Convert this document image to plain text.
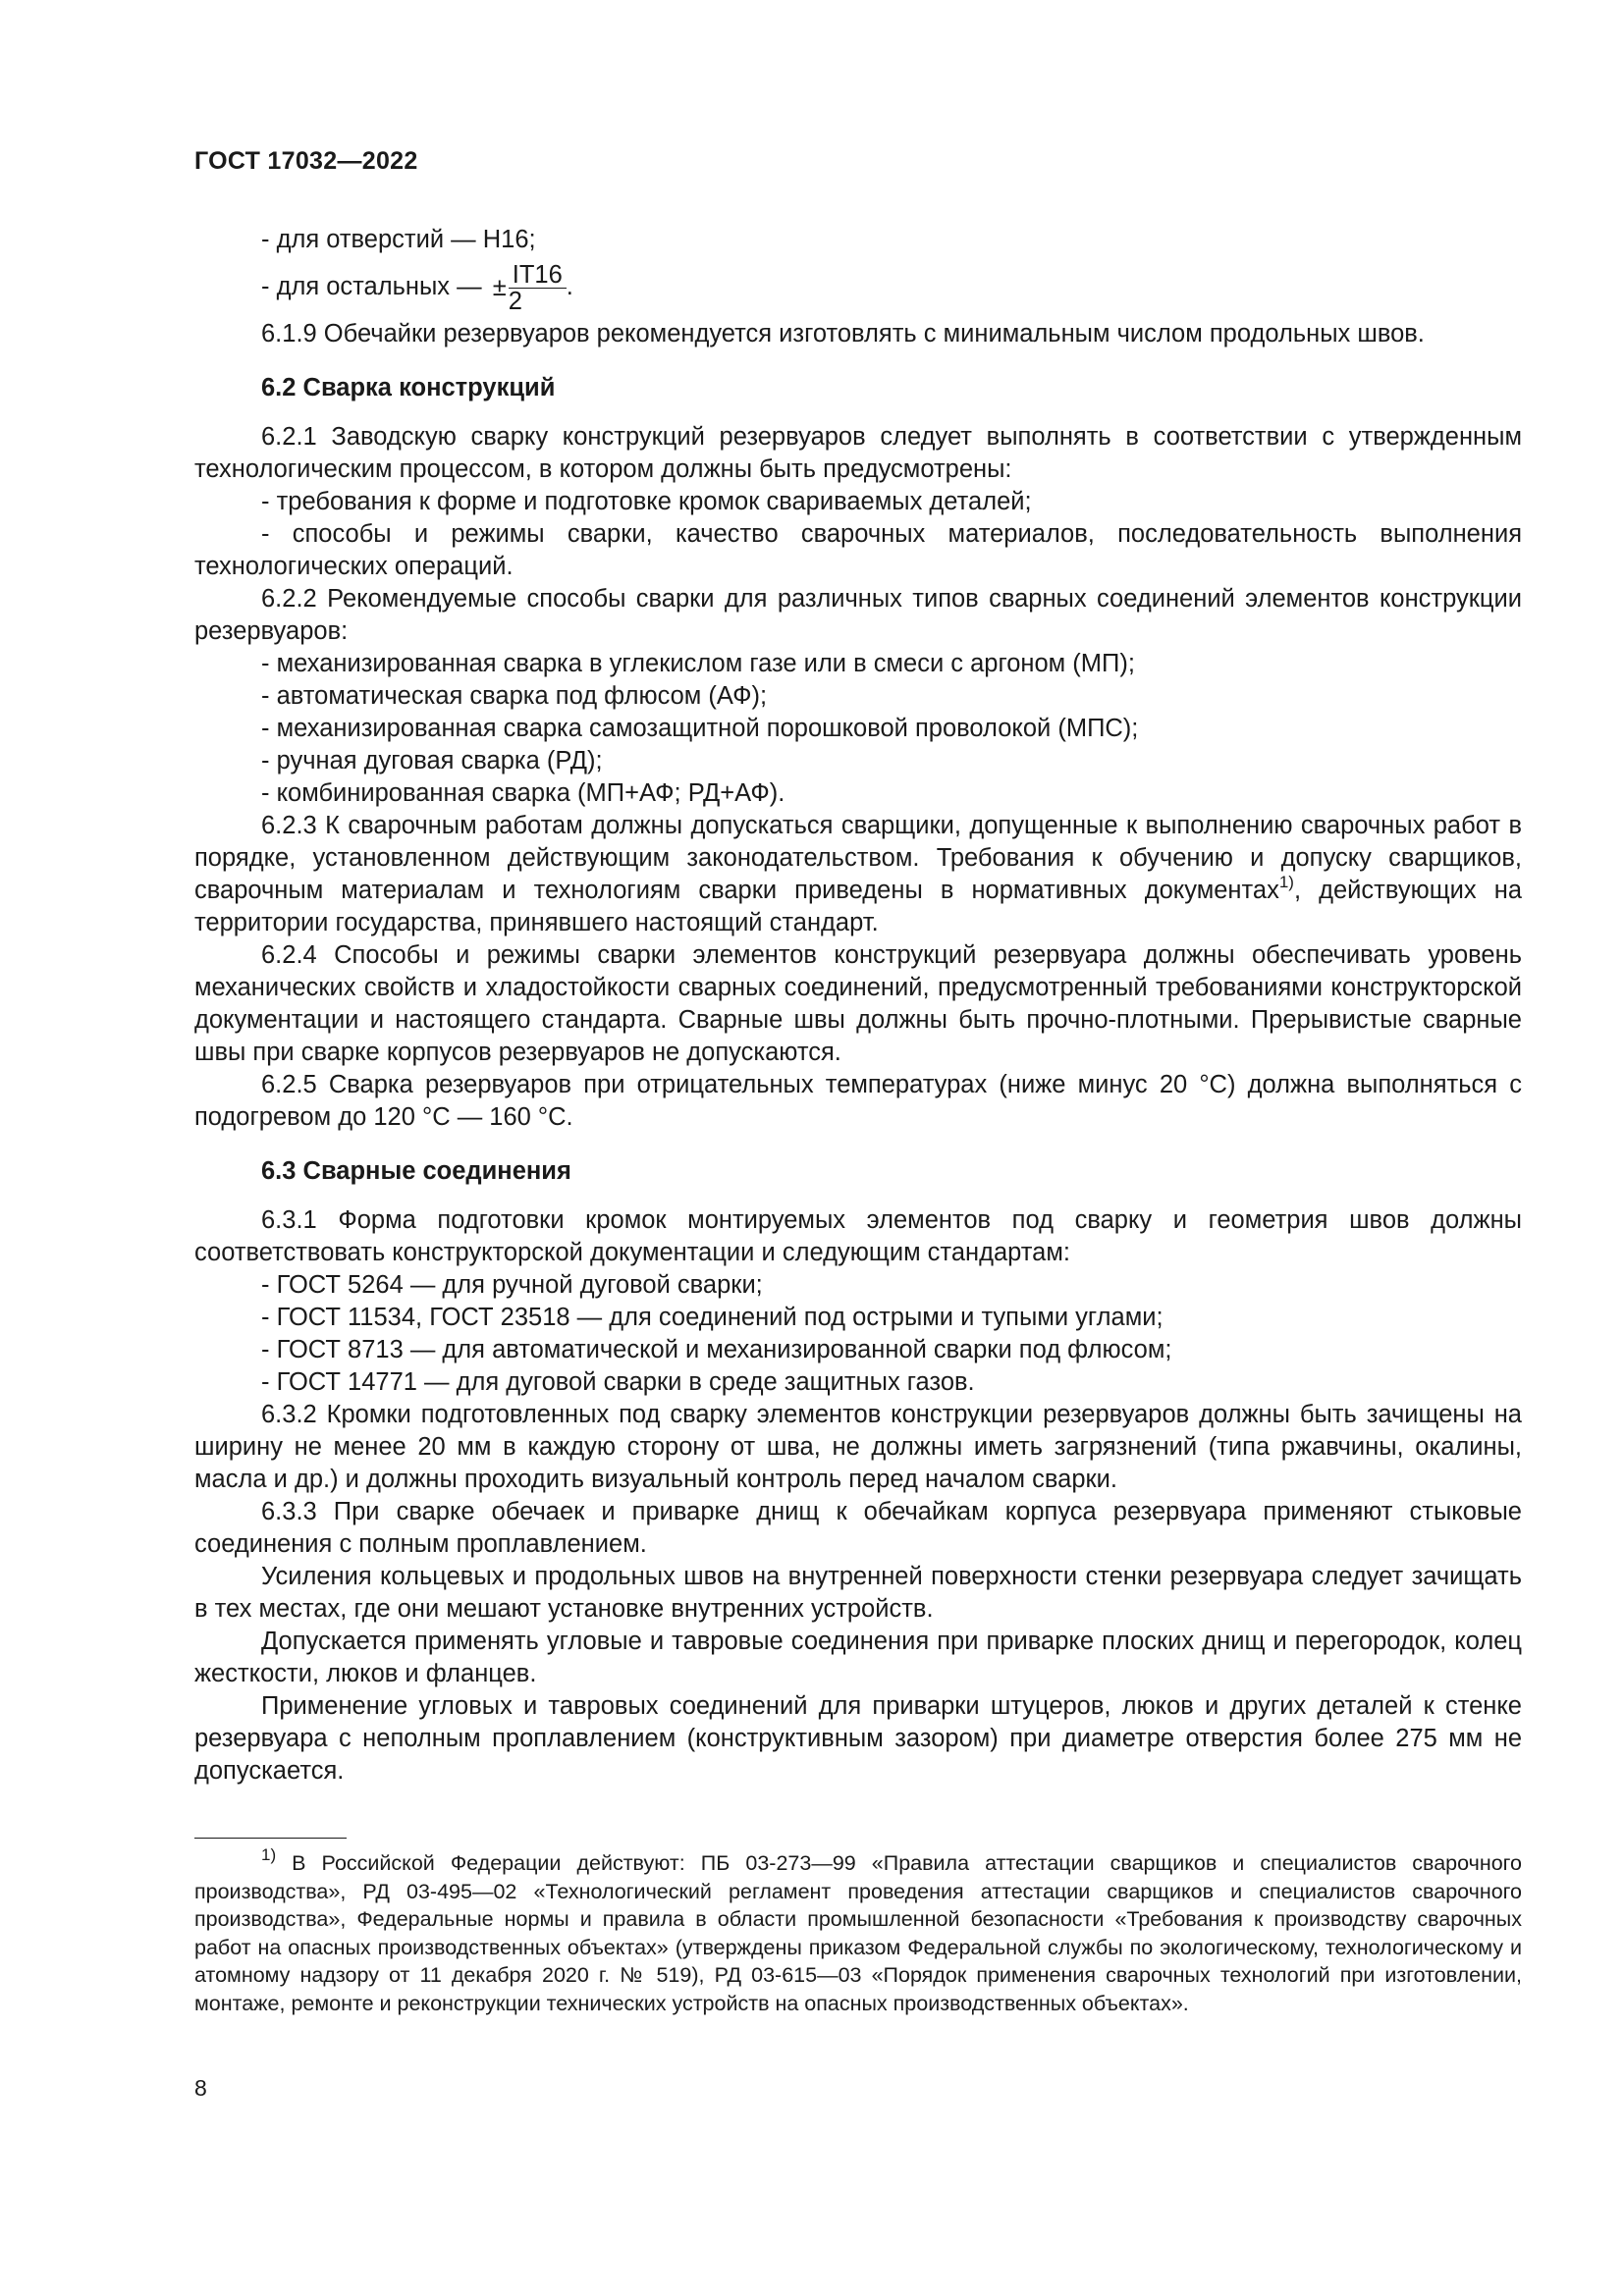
ГОСТ 17032—2022

- для отверстий — H16;

- для остальных — ± $\frac{IT16}{2}$ .

6.1.9 Обечайки резервуаров рекомендуется изготовлять с минимальным числом продольных швов.

6.2 Сварка конструкций

6.2.1 Заводскую сварку конструкций резервуаров следует выполнять в соответствии с утвержденным технологическим процессом, в котором должны быть предусмотрены:

- требования к форме и подготовке кромок свариваемых деталей;

- способы и режимы сварки, качество сварочных материалов, последовательность выполнения технологических операций.

6.2.2 Рекомендуемые способы сварки для различных типов сварных соединений элементов конструкции резервуаров:

- механизированная сварка в углекислом газе или в смеси с аргоном (МП);

- автоматическая сварка под флюсом (АФ);

- механизированная сварка самозащитной порошковой проволокой (МПС);

- ручная дуговая сварка (РД);

- комбинированная сварка (МП+АФ; РД+АФ).

6.2.3 К сварочным работам должны допускаться сварщики, допущенные к выполнению сварочных работ в порядке, установленном действующим законодательством. Требования к обучению и допуску сварщиков, сварочным материалам и технологиям сварки приведены в нормативных документах$^{1)}$, действующих на территории государства, принявшего настоящий стандарт.

6.2.4 Способы и режимы сварки элементов конструкций резервуара должны обеспечивать уровень механических свойств и хладостойкости сварных соединений, предусмотренный требованиями конструкторской документации и настоящего стандарта. Сварные швы должны быть прочно-плотными. Прерывистые сварные швы при сварке корпусов резервуаров не допускаются.

6.2.5 Сварка резервуаров при отрицательных температурах (ниже минус 20 °С) должна выполняться с подогревом до 120 °С — 160 °С.

6.3 Сварные соединения

6.3.1 Форма подготовки кромок монтируемых элементов под сварку и геометрия швов должны соответствовать конструкторской документации и следующим стандартам:

- ГОСТ 5264 — для ручной дуговой сварки;

- ГОСТ 11534, ГОСТ 23518 — для соединений под острыми и тупыми углами;

- ГОСТ 8713 — для автоматической и механизированной сварки под флюсом;

- ГОСТ 14771 — для дуговой сварки в среде защитных газов.

6.3.2 Кромки подготовленных под сварку элементов конструкции резервуаров должны быть зачищены на ширину не менее 20 мм в каждую сторону от шва, не должны иметь загрязнений (типа ржавчины, окалины, масла и др.) и должны проходить визуальный контроль перед началом сварки.

6.3.3 При сварке обечаек и приварке днищ к обечайкам корпуса резервуара применяют стыковые соединения с полным проплавлением.

Усиления кольцевых и продольных швов на внутренней поверхности стенки резервуара следует зачищать в тех местах, где они мешают установке внутренних устройств.

Допускается применять угловые и тавровые соединения при приварке плоских днищ и перегородок, колец жесткости, люков и фланцев.

Применение угловых и тавровых соединений для приварки штуцеров, люков и других деталей к стенке резервуара с неполным проплавлением (конструктивным зазором) при диаметре отверстия более 275 мм не допускается.

$^{1)}$ В Российской Федерации действуют: ПБ 03-273—99 «Правила аттестации сварщиков и специалистов сварочного производства», РД 03-495—02 «Технологический регламент проведения аттестации сварщиков и специалистов сварочного производства», Федеральные нормы и правила в области промышленной безопасности «Требования к производству сварочных работ на опасных производственных объектах» (утверждены приказом Федеральной службы по экологическому, технологическому и атомному надзору от 11 декабря 2020 г. № 519), РД 03-615—03 «Порядок применения сварочных технологий при изготовлении, монтаже, ремонте и реконструкции технических устройств на опасных производственных объектах».

8
